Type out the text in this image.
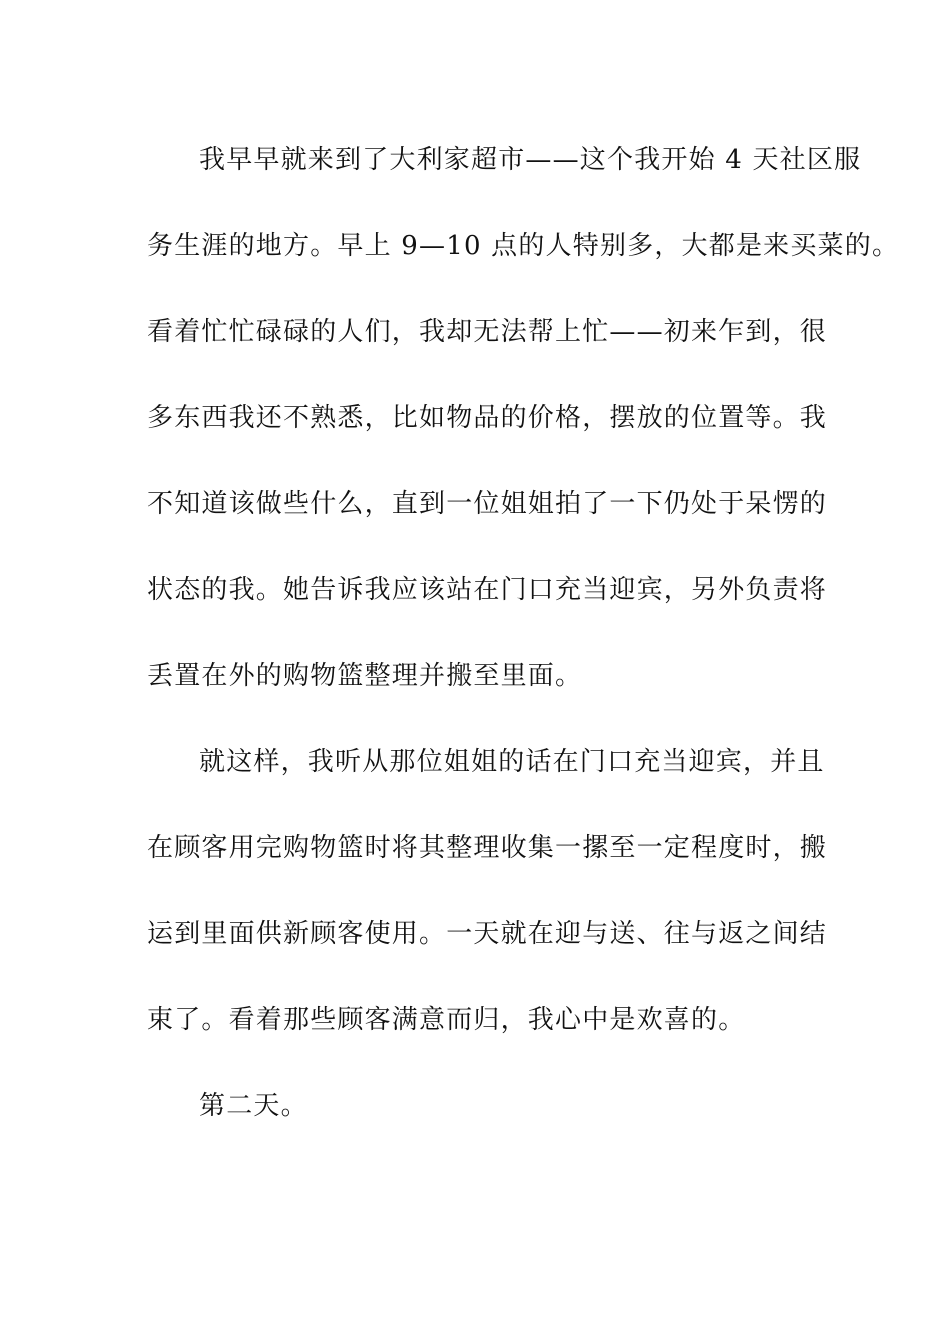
我早早就来到了大利家超市——这个我开始 4 天社区服
务生涯的地方。早上 9—10 点的人特别多，大都是来买菜的。
看着忙忙碌碌的人们，我却无法帮上忙——初来乍到，很
多东西我还不熟悉，比如物品的价格，摆放的位置等。我
不知道该做些什么，直到一位姐姐拍了一下仍处于呆愣的
状态的我。她告诉我应该站在门口充当迎宾，另外负责将
丢置在外的购物篮整理并搬至里面。
就这样，我听从那位姐姐的话在门口充当迎宾，并且
在顾客用完购物篮时将其整理收集一摞至一定程度时，搬
运到里面供新顾客使用。一天就在迎与送、往与返之间结
束了。看着那些顾客满意而归，我心中是欢喜的。
第二天。
